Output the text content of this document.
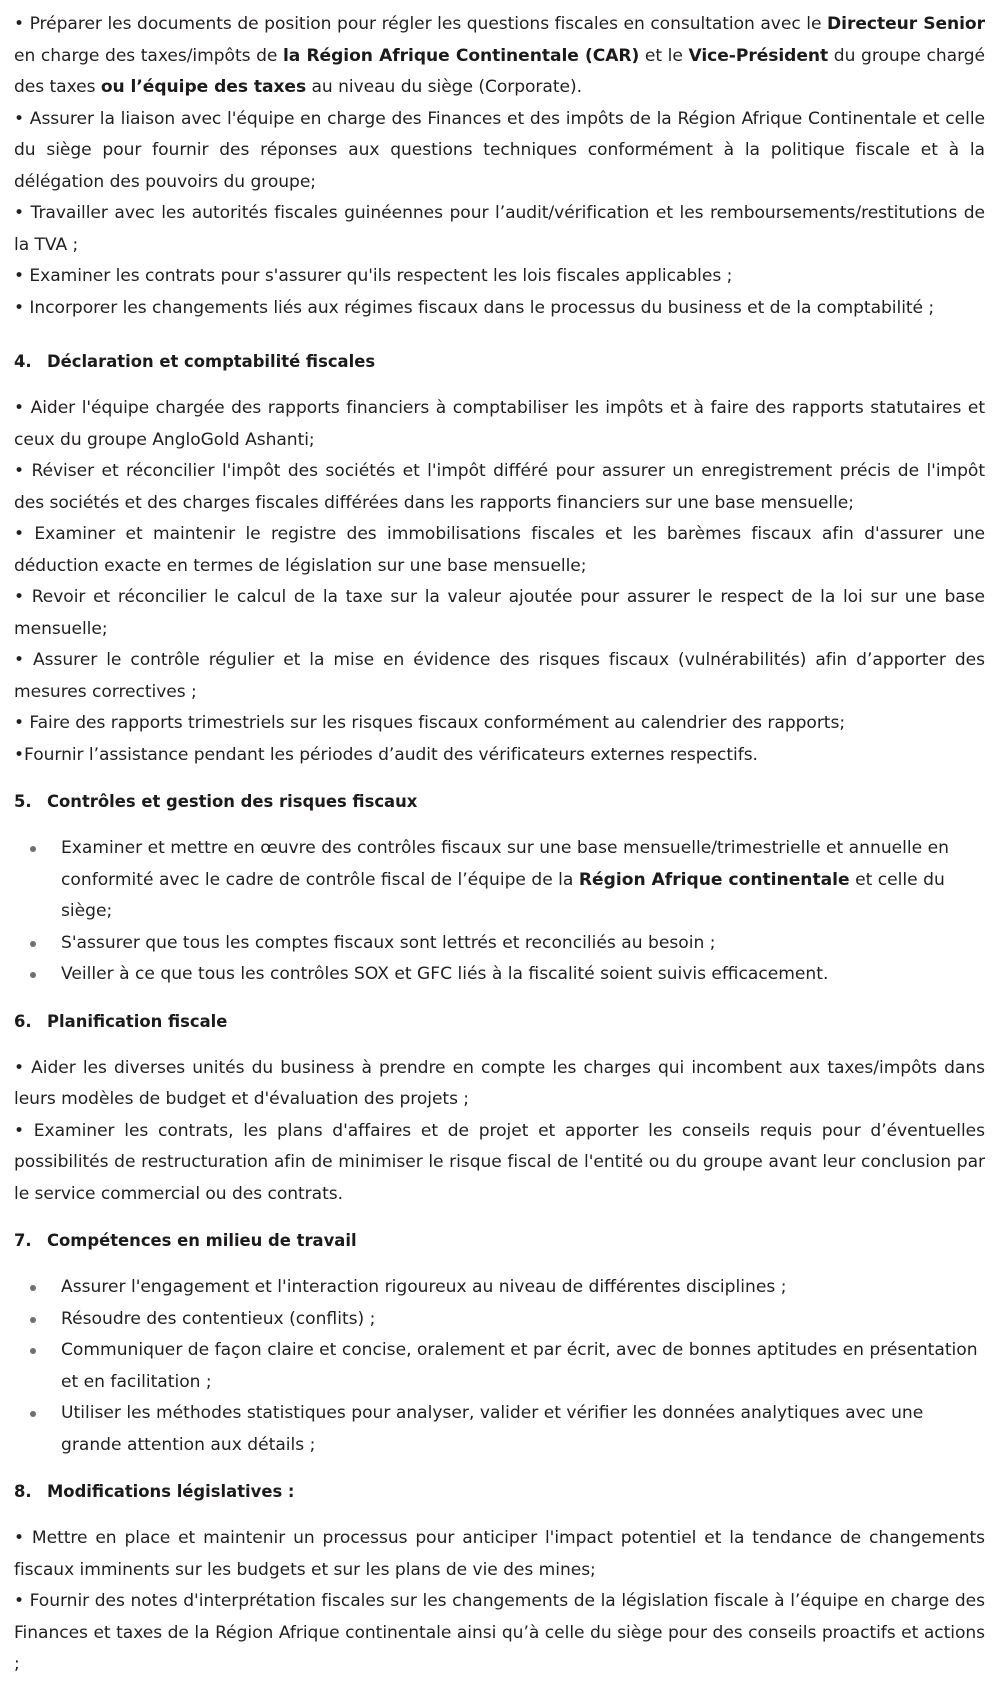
• Préparer les documents de position pour régler les questions fiscales en consultation avec le Directeur Senior en charge des taxes/impôts de la Région Afrique Continentale (CAR) et le Vice-Président du groupe chargé des taxes ou l’équipe des taxes au niveau du siège (Corporate).

• Assurer la liaison avec l'équipe en charge des Finances et des impôts de la Région Afrique Continentale et celle du siège pour fournir des réponses aux questions techniques conformément à la politique fiscale et à la délégation des pouvoirs du groupe;

• Travailler avec les autorités fiscales guinéennes pour l’audit/vérification et les remboursements/restitutions de la TVA ;

• Examiner les contrats pour s'assurer qu'ils respectent les lois fiscales applicables ;

• Incorporer les changements liés aux régimes fiscaux dans le processus du business et de la comptabilité ;

4. Déclaration et comptabilité fiscales

• Aider l'équipe chargée des rapports financiers à comptabiliser les impôts et à faire des rapports statutaires et ceux du groupe AngloGold Ashanti;

• Réviser et réconcilier l'impôt des sociétés et l'impôt différé pour assurer un enregistrement précis de l'impôt des sociétés et des charges fiscales différées dans les rapports financiers sur une base mensuelle;

• Examiner et maintenir le registre des immobilisations fiscales et les barèmes fiscaux afin d'assurer une déduction exacte en termes de législation sur une base mensuelle;

• Revoir et réconcilier le calcul de la taxe sur la valeur ajoutée pour assurer le respect de la loi sur une base mensuelle;

• Assurer le contrôle régulier et la mise en évidence des risques fiscaux (vulnérabilités) afin d’apporter des mesures correctives ;

• Faire des rapports trimestriels sur les risques fiscaux conformément au calendrier des rapports;

•Fournir l’assistance pendant les périodes d’audit des vérificateurs externes respectifs.

5. Contrôles et gestion des risques fiscaux
Examiner et mettre en œuvre des contrôles fiscaux sur une base mensuelle/trimestrielle et annuelle en conformité avec le cadre de contrôle fiscal de l’équipe de la Région Afrique continentale et celle du siège;
S'assurer que tous les comptes fiscaux sont lettrés et reconciliés au besoin ;
Veiller à ce que tous les contrôles SOX et GFC liés à la fiscalité soient suivis efficacement.
6. Planification fiscale

• Aider les diverses unités du business à prendre en compte les charges qui incombent aux taxes/impôts dans leurs modèles de budget et d'évaluation des projets ;

• Examiner les contrats, les plans d'affaires et de projet et apporter les conseils requis pour d’éventuelles possibilités de restructuration afin de minimiser le risque fiscal de l'entité ou du groupe avant leur conclusion par le service commercial ou des contrats.

7. Compétences en milieu de travail
Assurer l'engagement et l'interaction rigoureux au niveau de différentes disciplines ;
Résoudre des contentieux (conflits) ;
Communiquer de façon claire et concise, oralement et par écrit, avec de bonnes aptitudes en présentation et en facilitation ;
Utiliser les méthodes statistiques pour analyser, valider et vérifier les données analytiques avec une grande attention aux détails ;
8. Modifications législatives :

• Mettre en place et maintenir un processus pour anticiper l'impact potentiel et la tendance de changements fiscaux imminents sur les budgets et sur les plans de vie des mines;

• Fournir des notes d'interprétation fiscales sur les changements de la législation fiscale à l’équipe en charge des Finances et taxes de la Région Afrique continentale ainsi qu’à celle du siège pour des conseils proactifs et actions ;
